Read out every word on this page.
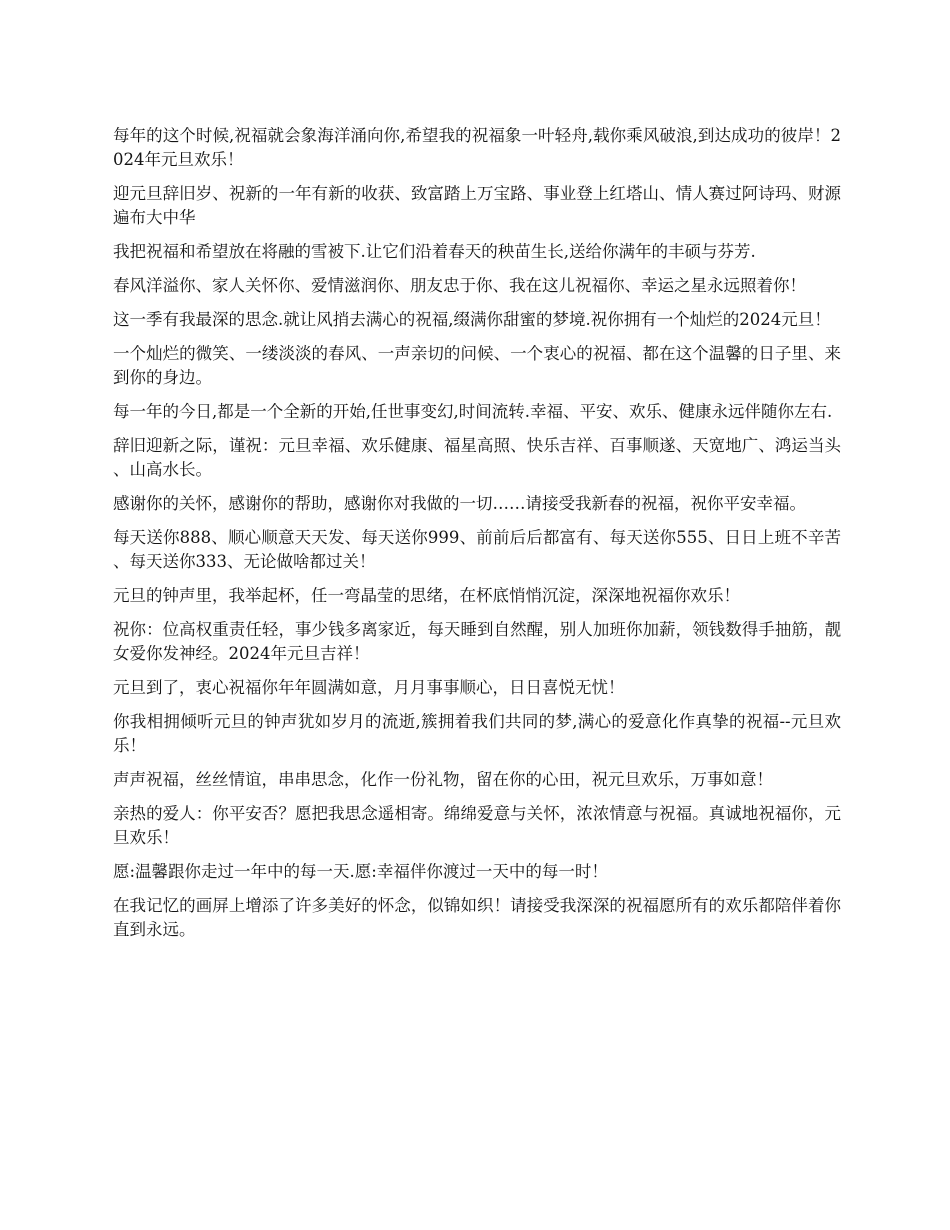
每年的这个时候,祝福就会象海洋涌向你,希望我的祝福象一叶轻舟,载你乘风破浪,到达成功的彼岸！2024年元旦欢乐！

迎元旦辞旧岁、祝新的一年有新的收获、致富踏上万宝路、事业登上红塔山、情人赛过阿诗玛、财源遍布大中华

我把祝福和希望放在将融的雪被下.让它们沿着春天的秧苗生长,送给你满年的丰硕与芬芳.

春风洋溢你、家人关怀你、爱情滋润你、朋友忠于你、我在这儿祝福你、幸运之星永远照着你！

这一季有我最深的思念.就让风捎去满心的祝福,缀满你甜蜜的梦境.祝你拥有一个灿烂的2024元旦！

一个灿烂的微笑、一缕淡淡的春风、一声亲切的问候、一个衷心的祝福、都在这个温馨的日子里、来到你的身边。

每一年的今日,都是一个全新的开始,任世事变幻,时间流转.幸福、平安、欢乐、健康永远伴随你左右.

辞旧迎新之际，谨祝：元旦幸福、欢乐健康、福星高照、快乐吉祥、百事顺遂、天宽地广、鸿运当头、山高水长。

感谢你的关怀，感谢你的帮助，感谢你对我做的一切……请接受我新春的祝福，祝你平安幸福。

每天送你888、顺心顺意天天发、每天送你999、前前后后都富有、每天送你555、日日上班不辛苦、每天送你333、无论做啥都过关！

元旦的钟声里，我举起杯，任一弯晶莹的思绪，在杯底悄悄沉淀，深深地祝福你欢乐！

祝你：位高权重责任轻，事少钱多离家近，每天睡到自然醒，别人加班你加薪，领钱数得手抽筋，靓女爱你发神经。2024年元旦吉祥！

元旦到了，衷心祝福你年年圆满如意，月月事事顺心，日日喜悦无忧！

你我相拥倾听元旦的钟声犹如岁月的流逝,簇拥着我们共同的梦,满心的爱意化作真挚的祝福--元旦欢乐！

声声祝福，丝丝情谊，串串思念，化作一份礼物，留在你的心田，祝元旦欢乐，万事如意！

亲热的爱人：你平安否？愿把我思念遥相寄。绵绵爱意与关怀，浓浓情意与祝福。真诚地祝福你，元旦欢乐！

愿:温馨跟你走过一年中的每一天.愿:幸福伴你渡过一天中的每一时！

在我记忆的画屏上增添了许多美好的怀念，似锦如织！请接受我深深的祝福愿所有的欢乐都陪伴着你直到永远。
